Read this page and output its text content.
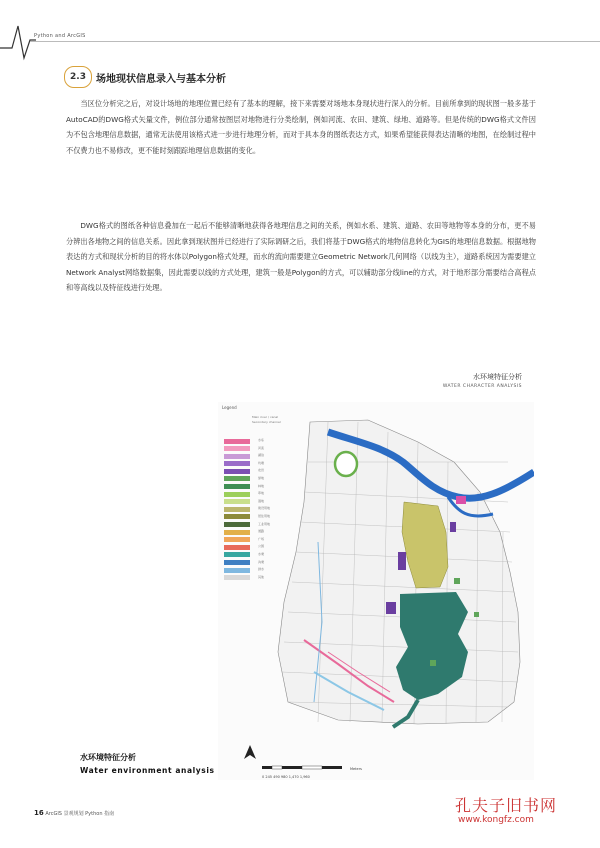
Python and ArcGIS
2.3	场地现状信息录入与基本分析
当区位分析完之后，对设计场地的地理位置已经有了基本的理解，接下来需要对场地本身现状进行深入的分析。目前所拿到的现状图一般多基于AutoCAD的DWG格式矢量文件，例位部分通常按图层对地物进行分类绘制，例如河流、农田、建筑、绿地、道路等。但是传统的DWG格式文件因为不包含地理信息数据，通常无法使用该格式进一步进行地理分析，而对于具本身的图纸表达方式，如果希望能获得表达清晰的地图，在绘制过程中不仅费力也不易修改，更不能时刻跟踪地理信息数据的变化。
DWG格式的图纸各种信息叠加在一起后不能够清晰地获得各地理信息之间的关系，例如水系、建筑、道路、农田等地物等本身的分布，更不易分辨出各地物之间的信息关系。因此拿到现状图并已经进行了实际调研之后，我们将基于DWG格式的地物信息转化为GIS的地理信息数据。根据地物表达的方式和现状分析的目的将水体以Polygon格式处理，而水的流向需要建立Geometric Network几何网络（以线为主），道路系统因为需要建立Network Analyst网络数据集，因此需要以线的方式处理，建筑一般是Polygon的方式，可以辅助部分线line的方式，对于地形部分需要结合高程点和等高线以及特征线进行处理。
水环境特征分析
WATER CHARACTER ANALYSIS
Legend
Main river / canal
Secondary channel
水系
河流
湖泊
坑塘
农田
绿地
林地
草地
湿地
建设用地
居住用地
工业用地
道路
广场
公园
水渠
沟渠
排水
其他
0 245 490 980 1,470 1,960
Meters
水环境特征分析
Water environment analysis
16 ArcGIS 景观规划 Python 指南	孔夫子旧书网
www.kongfz.com
